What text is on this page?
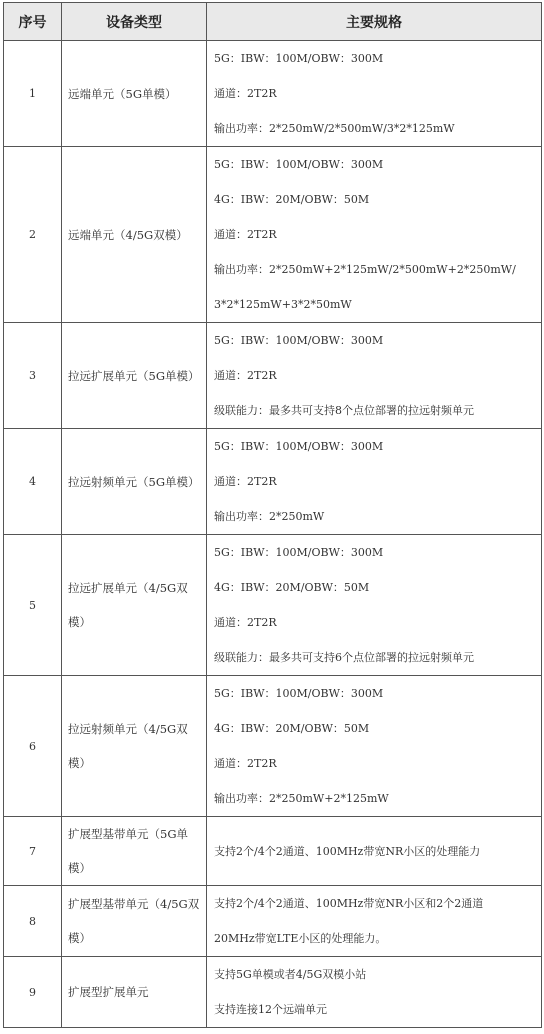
序号	设备类型	主要规格
1	远端单元（5G单模）	5G：IBW：100M/OBW：300M
通道：2T2R
输出功率：2*250mW/2*500mW/3*2*125mW

2	远端单元（4/5G双模）	5G：IBW：100M/OBW：300M
4G：IBW：20M/OBW：50M
通道：2T2R
输出功率：2*250mW+2*125mW/2*500mW+2*250mW/
3*2*125mW+3*2*50mW

3	拉远扩展单元（5G单模）	5G：IBW：100M/OBW：300M
通道：2T2R
级联能力：最多共可支持8个点位部署的拉远射频单元

4	拉远射频单元（5G单模）	5G：IBW：100M/OBW：300M
通道：2T2R
输出功率：2*250mW

5	拉远扩展单元（4/5G双模）	5G：IBW：100M/OBW：300M
4G：IBW：20M/OBW：50M
通道：2T2R
级联能力：最多共可支持6个点位部署的拉远射频单元

6	拉远射频单元（4/5G双模）	5G：IBW：100M/OBW：300M
4G：IBW：20M/OBW：50M
通道：2T2R
输出功率：2*250mW+2*125mW

7	扩展型基带单元（5G单模）	支持2个/4个2通道、100MHz带宽NR小区的处理能力

8	扩展型基带单元（4/5G双模）	支持2个/4个2通道、100MHz带宽NR小区和2个2通道
20MHz带宽LTE小区的处理能力。

9	扩展型扩展单元	支持5G单模或者4/5G双模小站
支持连接12个远端单元
